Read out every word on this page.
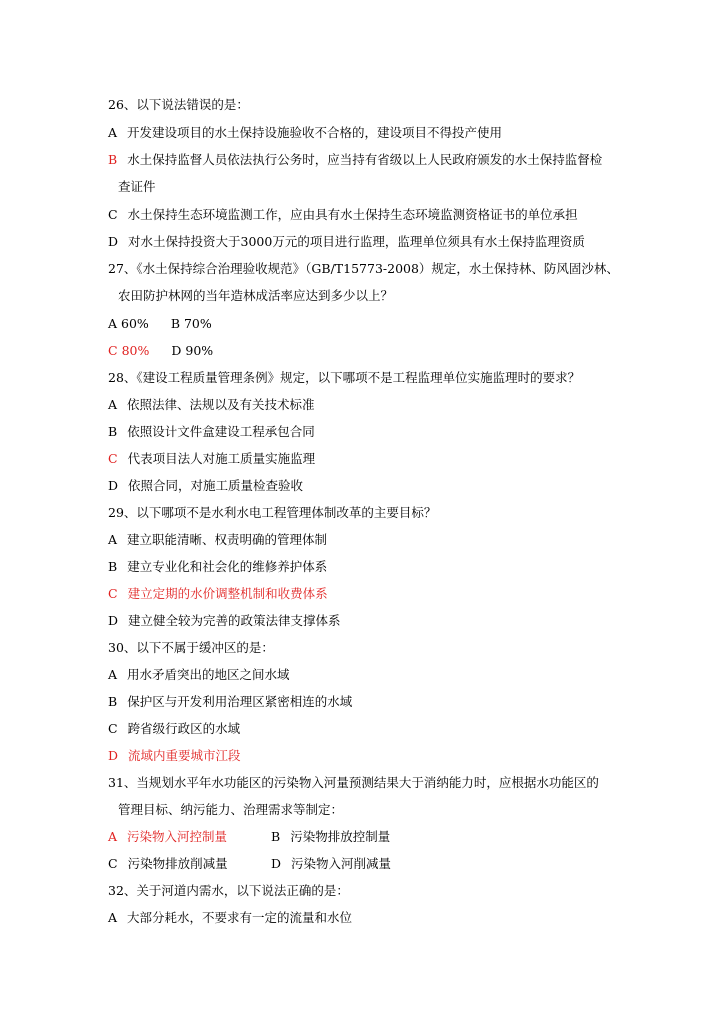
26、以下说法错误的是：
A 开发建设项目的水土保持设施验收不合格的，建设项目不得投产使用
B 水土保持监督人员依法执行公务时，应当持有省级以上人民政府颁发的水土保持监督检
查证件
C 水土保持生态环境监测工作，应由具有水土保持生态环境监测资格证书的单位承担
D 对水土保持投资大于3000万元的项目进行监理，监理单位须具有水土保持监理资质
27、《水土保持综合治理验收规范》（GB/T15773-2008）规定，水土保持林、防风固沙林、
农田防护林网的当年造林成活率应达到多少以上？
A 60% B 70%
C 80% D 90%
28、《建设工程质量管理条例》规定，以下哪项不是工程监理单位实施监理时的要求？
A 依照法律、法规以及有关技术标准
B 依照设计文件盒建设工程承包合同
C 代表项目法人对施工质量实施监理
D 依照合同，对施工质量检查验收
29、以下哪项不是水利水电工程管理体制改革的主要目标？
A 建立职能清晰、权责明确的管理体制
B 建立专业化和社会化的维修养护体系
C 建立定期的水价调整机制和收费体系
D 建立健全较为完善的政策法律支撑体系
30、以下不属于缓冲区的是：
A 用水矛盾突出的地区之间水域
B 保护区与开发利用治理区紧密相连的水域
C 跨省级行政区的水域
D 流域内重要城市江段
31、当规划水平年水功能区的污染物入河量预测结果大于消纳能力时，应根据水功能区的
管理目标、纳污能力、治理需求等制定：
A 污染物入河控制量	B 污染物排放控制量
C 污染物排放削减量	D 污染物入河削减量
32、关于河道内需水，以下说法正确的是：
A 大部分耗水，不要求有一定的流量和水位
